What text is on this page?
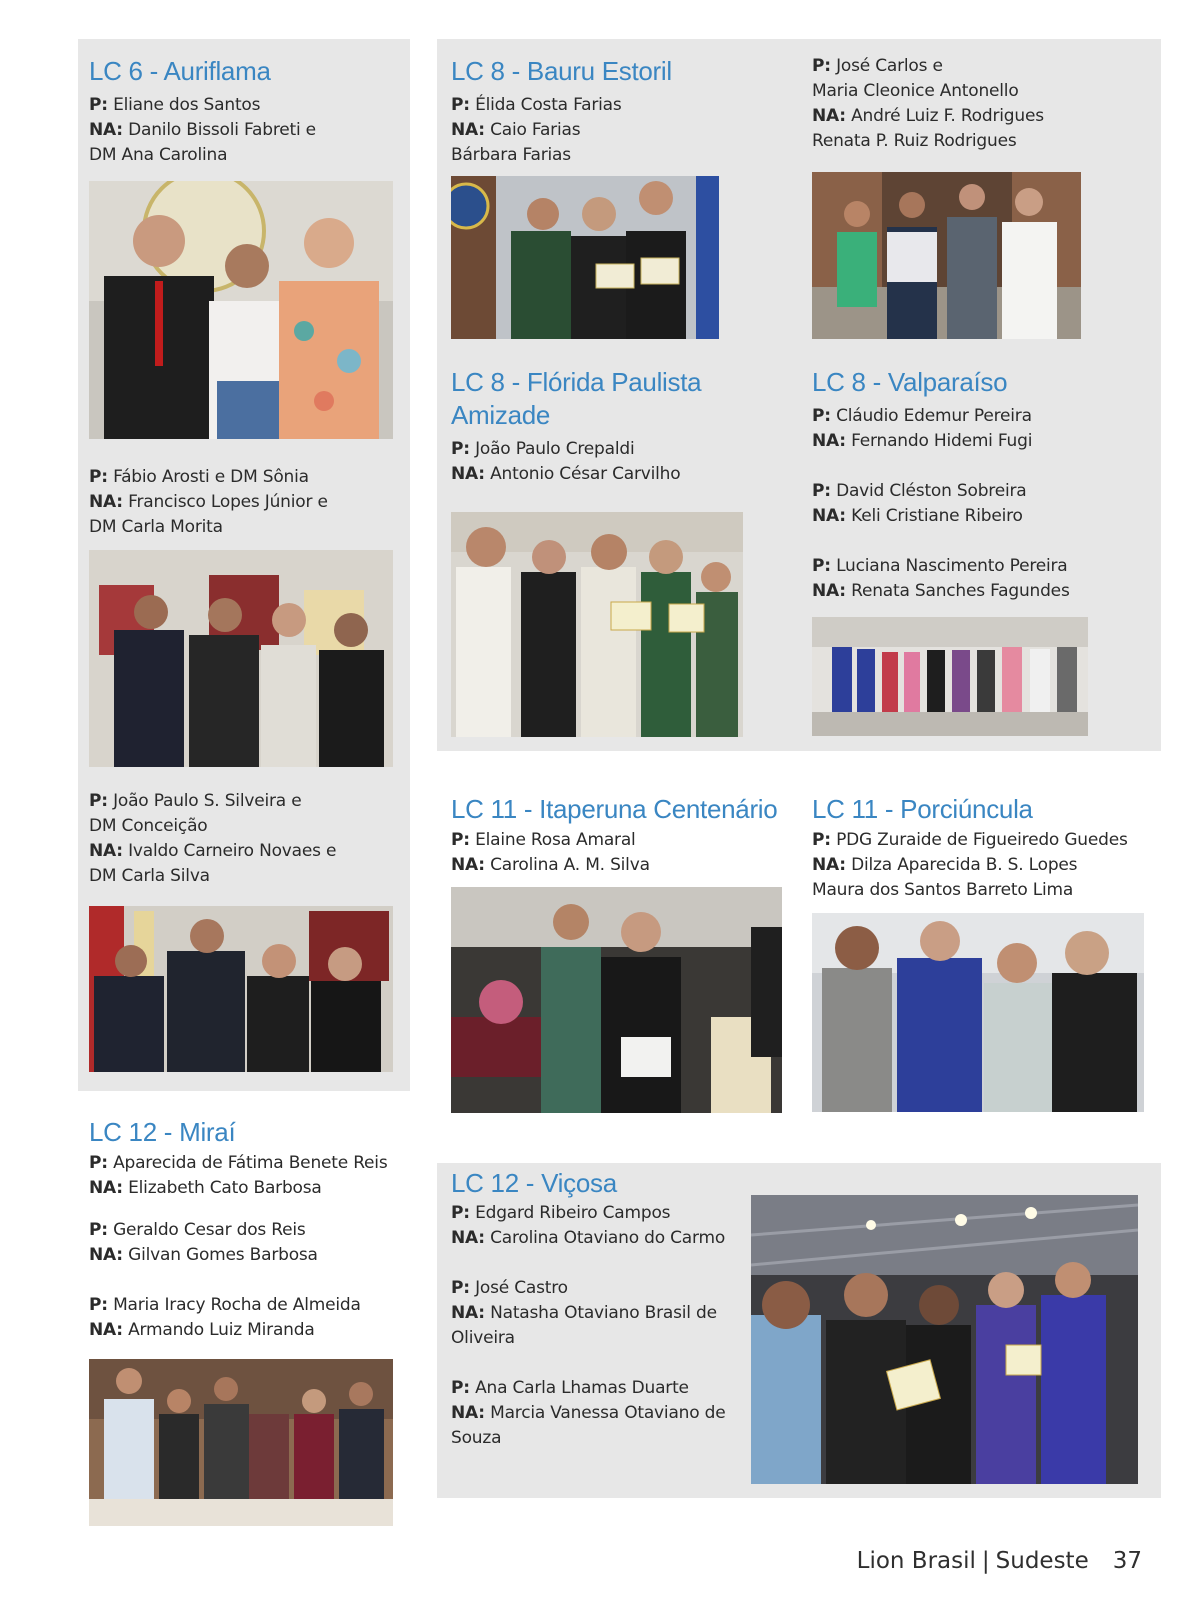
LC 6 - Auriflama
P: Eliane dos Santos
NA: Danilo Bissoli Fabreti e
DM Ana Carolina
P: Fábio Arosti e DM Sônia
NA: Francisco Lopes Júnior e
DM Carla Morita
P: João Paulo S. Silveira e
DM Conceição
NA: Ivaldo Carneiro Novaes e
DM Carla Silva
LC 8 - Bauru Estoril
P: Élida Costa Farias
NA: Caio Farias
Bárbara Farias
P: José Carlos e
Maria Cleonice Antonello
NA: André Luiz F. Rodrigues
Renata P. Ruiz Rodrigues
LC 8 - Flórida Paulista
Amizade
P: João Paulo Crepaldi
NA: Antonio César Carvilho
LC 8 - Valparaíso
P: Cláudio Edemur Pereira
NA: Fernando Hidemi Fugi
P: David Cléston Sobreira
NA: Keli Cristiane Ribeiro
P: Luciana Nascimento Pereira
NA: Renata Sanches Fagundes
LC 11 - Itaperuna Centenário
P: Elaine Rosa Amaral
NA: Carolina A. M. Silva
LC 11 - Porciúncula
P: PDG Zuraide de Figueiredo Guedes
NA: Dilza Aparecida B. S. Lopes
Maura dos Santos Barreto Lima
LC 12 - Miraí
P: Aparecida de Fátima Benete Reis
NA: Elizabeth Cato Barbosa
P: Geraldo Cesar dos Reis
NA: Gilvan Gomes Barbosa
P: Maria Iracy Rocha de Almeida
NA: Armando Luiz Miranda
LC 12 - Viçosa
P: Edgard Ribeiro Campos
NA: Carolina Otaviano do Carmo
P: José Castro
NA: Natasha Otaviano Brasil de
Oliveira
P: Ana Carla Lhamas Duarte
NA: Marcia Vanessa Otaviano de
Souza
Lion Brasil | Sudeste 37
